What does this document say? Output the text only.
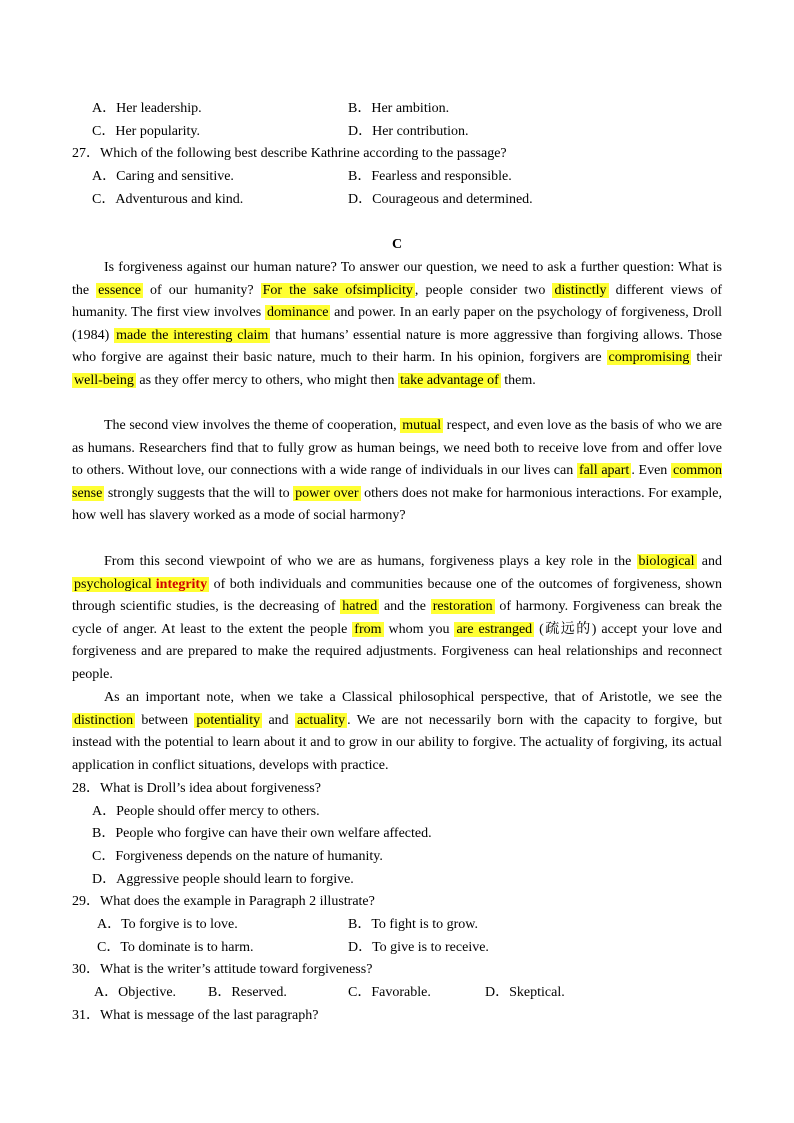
A．Her leadership.	B．Her ambition.
C．Her popularity.	D．Her contribution.
27．Which of the following best describe Kathrine according to the passage?
A．Caring and sensitive.	B．Fearless and responsible.
C．Adventurous and kind.	D．Courageous and determined.
C
Is forgiveness against our human nature? To answer our question, we need to ask a further question: What is the essence of our humanity? For the sake ofsimplicity , people consider two distinctly different views of humanity. The first view involves dominance and power. In an early paper on the psychology of forgiveness, Droll (1984) made the interesting claim that humans’ essential nature is more aggressive than forgiving allows. Those who forgive are against their basic nature, much to their harm. In his opinion, forgivers are compromising their well-being as they offer mercy to others, who might then take advantage of them.
The second view involves the theme of cooperation, mutual respect, and even love as the basis of who we are as humans. Researchers find that to fully grow as human beings, we need both to receive love from and offer love to others. Without love, our connections with a wide range of individuals in our lives can fall apart . Even common sense strongly suggests that the will to power over others does not make for harmonious interactions. For example, how well has slavery worked as a mode of social harmony?
From this second viewpoint of who we are as humans, forgiveness plays a key role in the biological and psychological integrity of both individuals and communities because one of the outcomes of forgiveness, shown through scientific studies, is the decreasing of hatred and the restoration of harmony. Forgiveness can break the cycle of anger. At least to the extent the people from whom you are estranged (疏远的) accept your love and forgiveness and are prepared to make the required adjustments. Forgiveness can heal relationships and reconnect people.
As an important note, when we take a Classical philosophical perspective, that of Aristotle, we see the distinction between potentiality and actuality . We are not necessarily born with the capacity to forgive, but instead with the potential to learn about it and to grow in our ability to forgive. The actuality of forgiving, its actual application in conflict situations, develops with practice.
28．What is Droll’s idea about forgiveness?
A．People should offer mercy to others.
B．People who forgive can have their own welfare affected.
C．Forgiveness depends on the nature of humanity.
D．Aggressive people should learn to forgive.
29．What does the example in Paragraph 2 illustrate?
A．To forgive is to love.	B．To fight is to grow.
C．To dominate is to harm.	D．To give is to receive.
30．What is the writer’s attitude toward forgiveness?
A．Objective. B．Reserved.	C．Favorable.	D．Skeptical.
31．What is message of the last paragraph?
